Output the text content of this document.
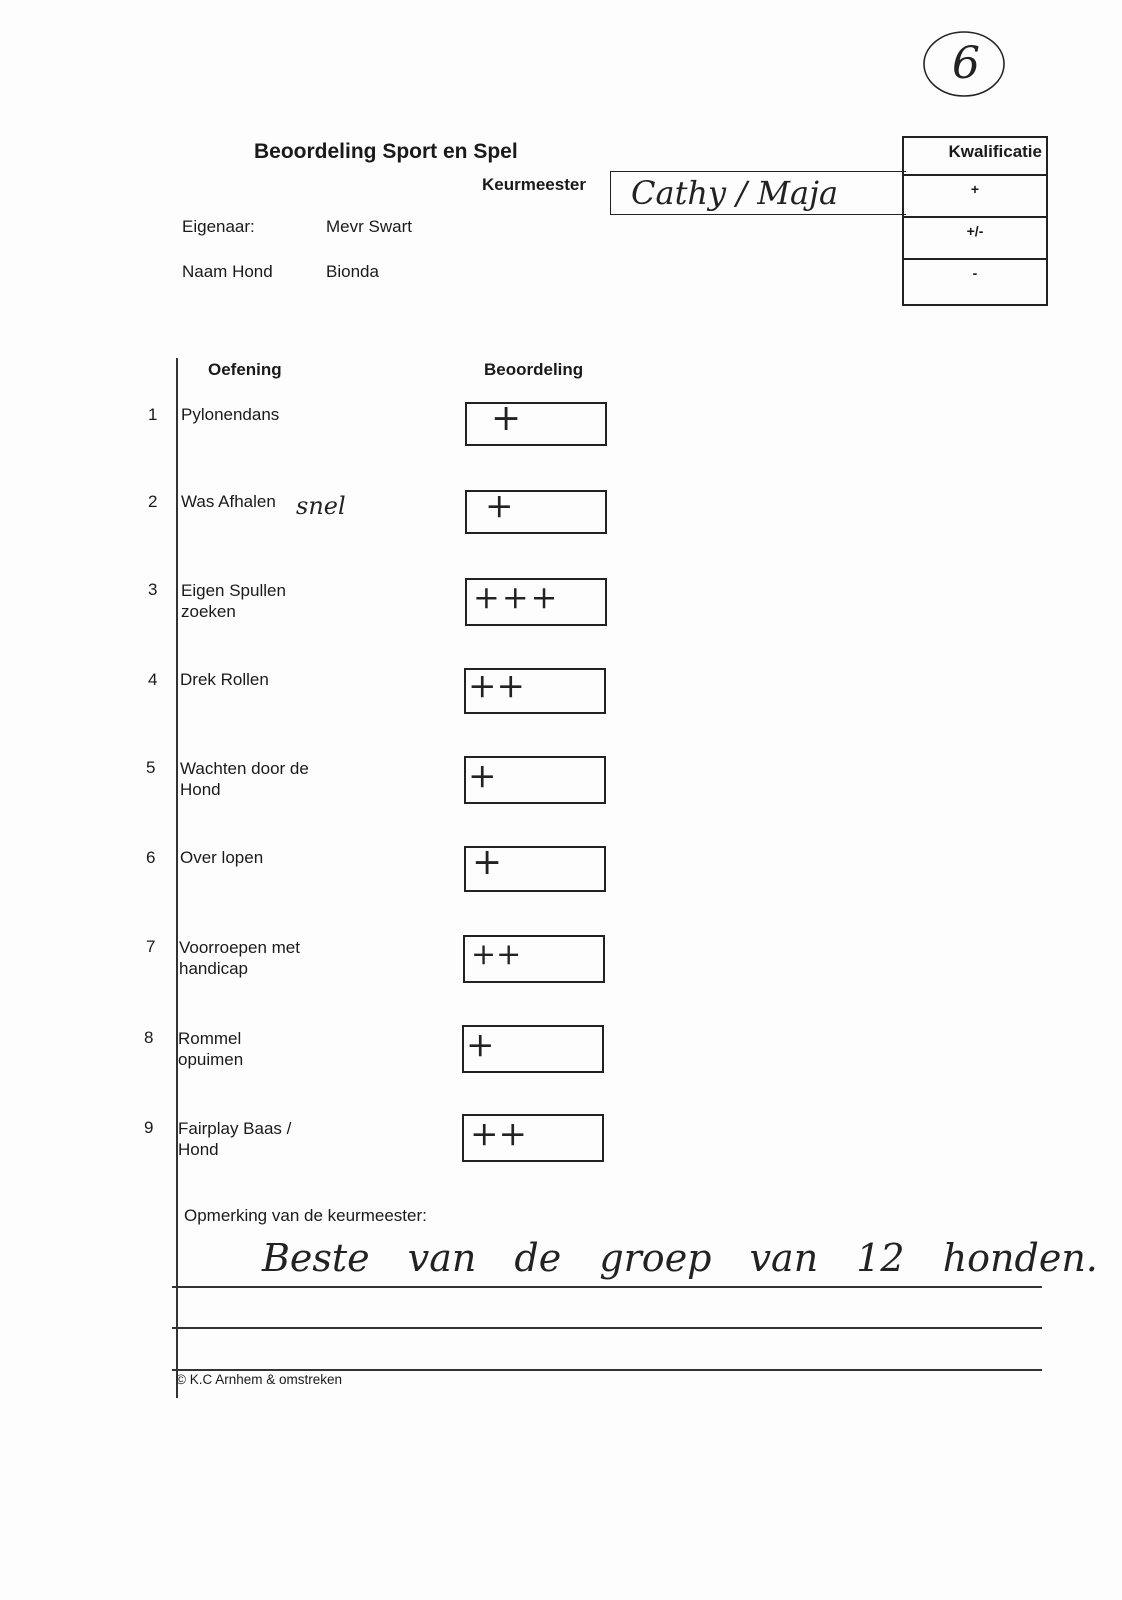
6
Beoordeling Sport en Spel
Keurmeester Cathy / Maja
Kwalificatie
+
+/-
-
Eigenaar:	Mevr Swart
Naam Hond	Bionda
Oefening	Beoordeling
1 Pylonendans	+
2 Was Afhalen snel	+
3 Eigen Spullen zoeken	+++
4 Drek Rollen	++
5 Wachten door de Hond	+
6 Over lopen	+
7 Voorroepen met handicap	++
8 Rommel opuimen	+
9 Fairplay Baas / Hond	++
Opmerking van de keurmeester:
Beste van de groep van 12 honden.
© K.C Arnhem & omstreken
